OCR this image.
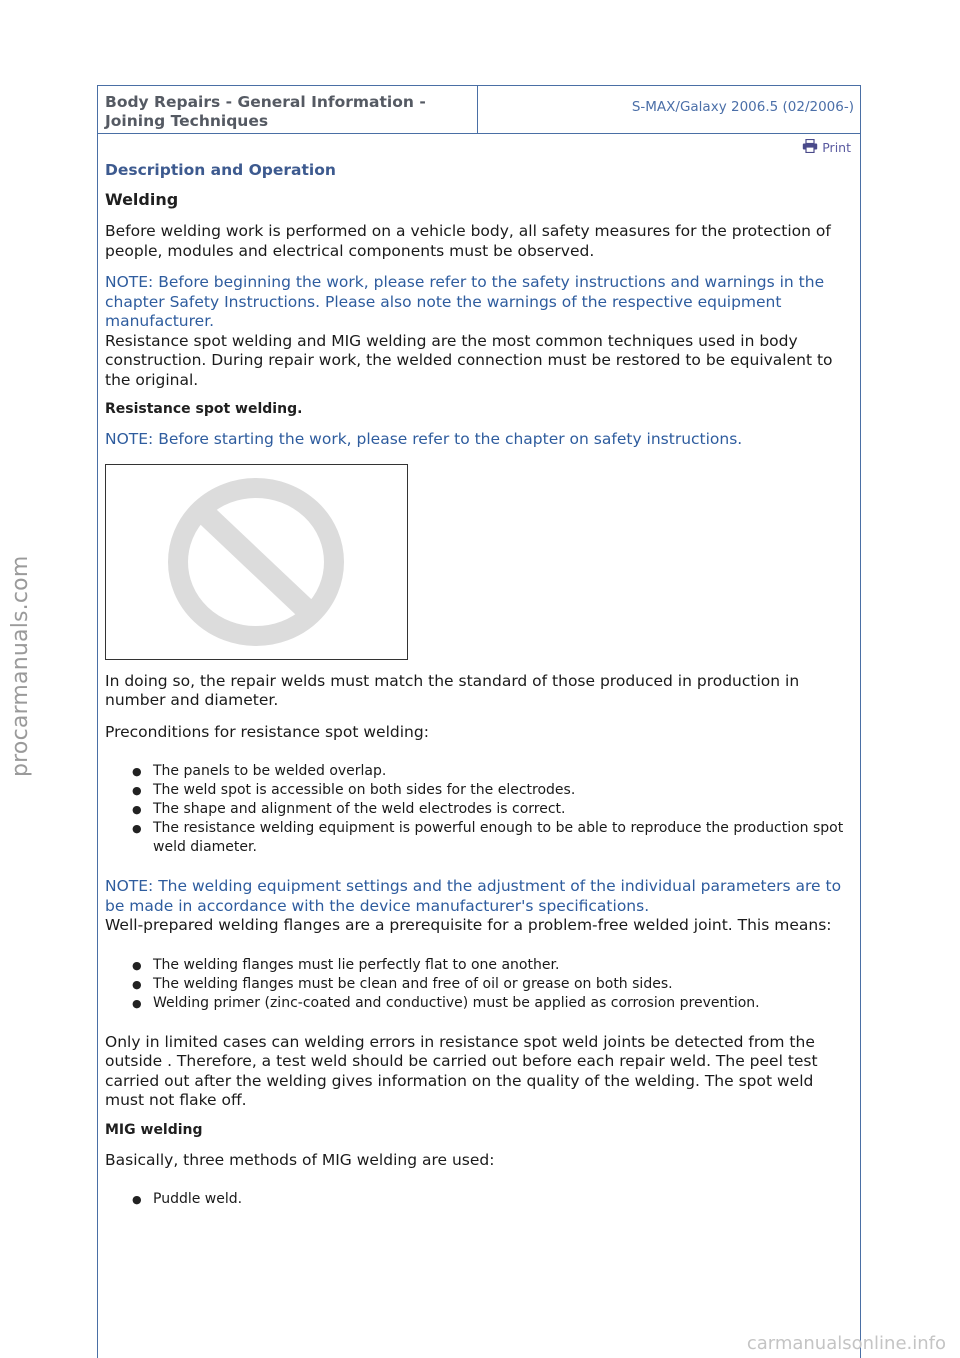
procarmanuals.com
Body Repairs - General Information - Joining Techniques
S-MAX/Galaxy 2006.5 (02/2006-)
Print
Description and Operation
Welding

Before welding work is performed on a vehicle body, all safety measures for the protection of people, modules and electrical components must be observed.

NOTE: Before beginning the work, please refer to the safety instructions and warnings in the chapter Safety Instructions. Please also note the warnings of the respective equipment manufacturer.

Resistance spot welding and MIG welding are the most common techniques used in body construction. During repair work, the welded connection must be restored to be equivalent to the original.

Resistance spot welding.

NOTE: Before starting the work, please refer to the chapter on safety instructions.

In doing so, the repair welds must match the standard of those produced in production in number and diameter.

Preconditions for resistance spot welding:

● The panels to be welded overlap.
● The weld spot is accessible on both sides for the electrodes.
● The shape and alignment of the weld electrodes is correct.
● The resistance welding equipment is powerful enough to be able to reproduce the production spot weld diameter.

NOTE: The welding equipment settings and the adjustment of the individual parameters are to be made in accordance with the device manufacturer's specifications.

Well-prepared welding flanges are a prerequisite for a problem-free welded joint. This means:

● The welding flanges must lie perfectly flat to one another.
● The welding flanges must be clean and free of oil or grease on both sides.
● Welding primer (zinc-coated and conductive) must be applied as corrosion prevention.

Only in limited cases can welding errors in resistance spot weld joints be detected from the outside . Therefore, a test weld should be carried out before each repair weld. The peel test carried out after the welding gives information on the quality of the welding. The spot weld must not flake off.

MIG welding

Basically, three methods of MIG welding are used:

● Puddle weld.
carmanualsonline.info
